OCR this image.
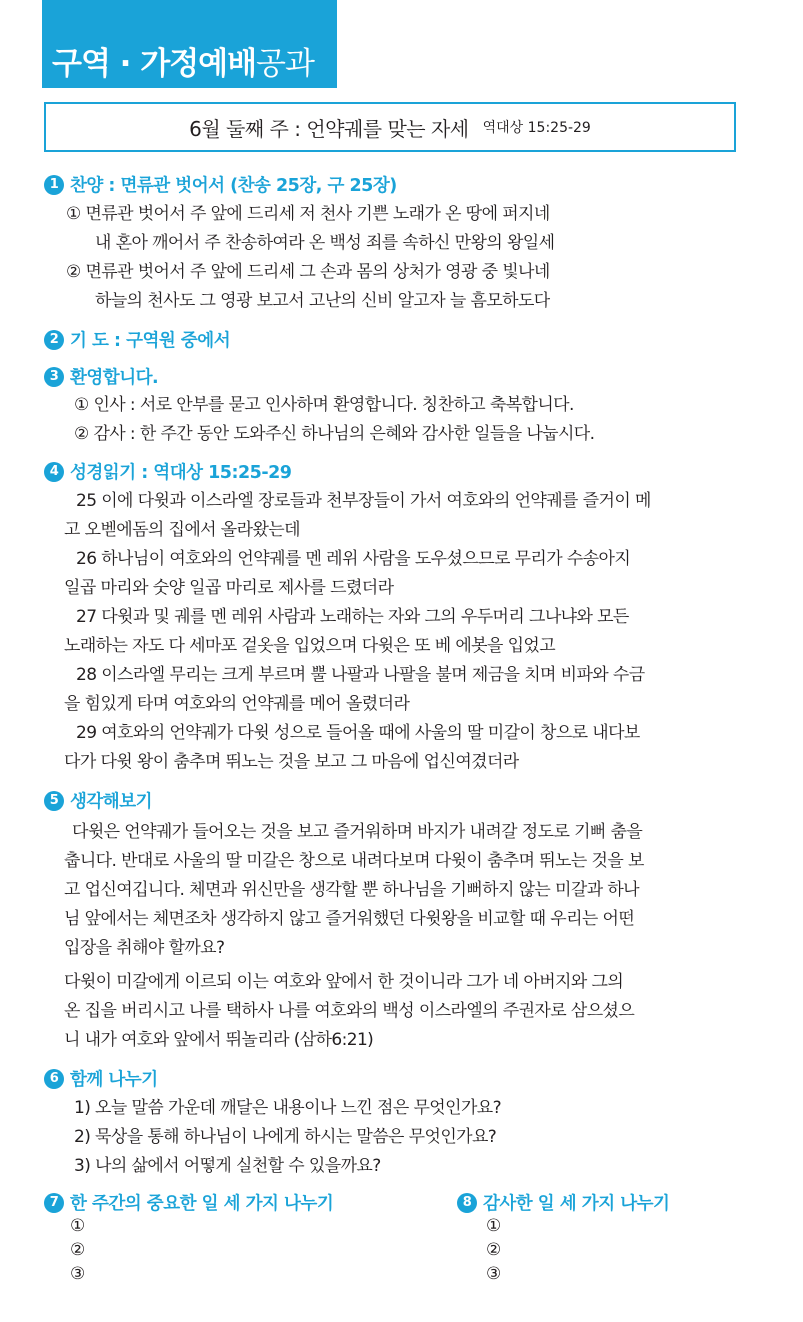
구역 · 가정예배공과
6월 둘째 주 : 언약궤를 맞는 자세 역대상 15:25-29
1 찬양 : 면류관 벗어서 (찬송 25장, 구 25장)
① 면류관 벗어서 주 앞에 드리세 저 천사 기쁜 노래가 온 땅에 퍼지네
내 혼아 깨어서 주 찬송하여라 온 백성 죄를 속하신 만왕의 왕일세
② 면류관 벗어서 주 앞에 드리세 그 손과 몸의 상처가 영광 중 빛나네
하늘의 천사도 그 영광 보고서 고난의 신비 알고자 늘 흠모하도다
2 기 도 : 구역원 중에서
3 환영합니다.
① 인사 : 서로 안부를 묻고 인사하며 환영합니다. 칭찬하고 축복합니다.
② 감사 : 한 주간 동안 도와주신 하나님의 은혜와 감사한 일들을 나눕시다.
4 성경읽기 : 역대상 15:25-29
25 이에 다윗과 이스라엘 장로들과 천부장들이 가서 여호와의 언약궤를 즐거이 메
고 오벧에돔의 집에서 올라왔는데
26 하나님이 여호와의 언약궤를 멘 레위 사람을 도우셨으므로 무리가 수송아지
일곱 마리와 숫양 일곱 마리로 제사를 드렸더라
27 다윗과 및 궤를 멘 레위 사람과 노래하는 자와 그의 우두머리 그나냐와 모든
노래하는 자도 다 세마포 겉옷을 입었으며 다윗은 또 베 에봇을 입었고
28 이스라엘 무리는 크게 부르며 뿔 나팔과 나팔을 불며 제금을 치며 비파와 수금
을 힘있게 타며 여호와의 언약궤를 메어 올렸더라
29 여호와의 언약궤가 다윗 성으로 들어올 때에 사울의 딸 미갈이 창으로 내다보
다가 다윗 왕이 춤추며 뛰노는 것을 보고 그 마음에 업신여겼더라
5 생각해보기
다윗은 언약궤가 들어오는 것을 보고 즐거워하며 바지가 내려갈 정도로 기뻐 춤을
춥니다. 반대로 사울의 딸 미갈은 창으로 내려다보며 다윗이 춤추며 뛰노는 것을 보
고 업신여깁니다. 체면과 위신만을 생각할 뿐 하나님을 기뻐하지 않는 미갈과 하나
님 앞에서는 체면조차 생각하지 않고 즐거워했던 다윗왕을 비교할 때 우리는 어떤
입장을 취해야 할까요?
다윗이 미갈에게 이르되 이는 여호와 앞에서 한 것이니라 그가 네 아버지와 그의
온 집을 버리시고 나를 택하사 나를 여호와의 백성 이스라엘의 주권자로 삼으셨으
니 내가 여호와 앞에서 뛰놀리라 (삼하6:21)
6 함께 나누기
1) 오늘 말씀 가운데 깨달은 내용이나 느낀 점은 무엇인가요?
2) 묵상을 통해 하나님이 나에게 하시는 말씀은 무엇인가요?
3) 나의 삶에서 어떻게 실천할 수 있을까요?
7 한 주간의 중요한 일 세 가지 나누기
①
②
③
8 감사한 일 세 가지 나누기
①
②
③
